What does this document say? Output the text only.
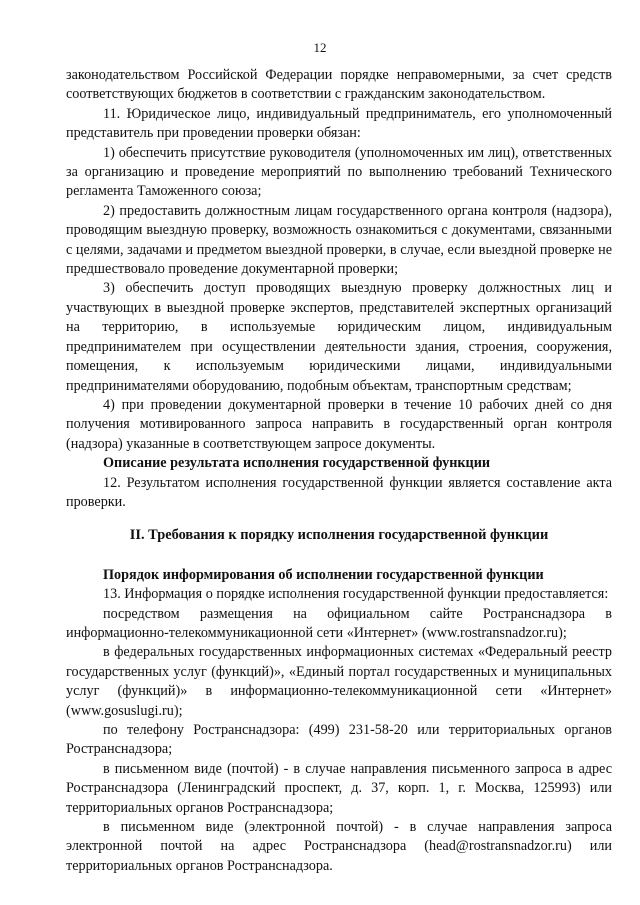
12

законодательством Российской Федерации порядке неправомерными, за счет средств соответствующих бюджетов в соответствии с гражданским законодательством.

11. Юридическое лицо, индивидуальный предприниматель, его уполномоченный представитель при проведении проверки обязан:

1) обеспечить присутствие руководителя (уполномоченных им лиц), ответственных за организацию и проведение мероприятий по выполнению требований Технического регламента Таможенного союза;

2) предоставить должностным лицам государственного органа контроля (надзора), проводящим выездную проверку, возможность ознакомиться с документами, связанными с целями, задачами и предметом выездной проверки, в случае, если выездной проверке не предшествовало проведение документарной проверки;

3) обеспечить доступ проводящих выездную проверку должностных лиц и участвующих в выездной проверке экспертов, представителей экспертных организаций на территорию, в используемые юридическим лицом, индивидуальным предпринимателем при осуществлении деятельности здания, строения, сооружения, помещения, к используемым юридическими лицами, индивидуальными предпринимателями оборудованию, подобным объектам, транспортным средствам;

4) при проведении документарной проверки в течение 10 рабочих дней со дня получения мотивированного запроса направить в государственный орган контроля (надзора) указанные в соответствующем запросе документы.

Описание результата исполнения государственной функции

12. Результатом исполнения государственной функции является составление акта проверки.

II. Требования к порядку исполнения государственной функции

Порядок информирования об исполнении государственной функции

13. Информация о порядке исполнения государственной функции предоставляется:

посредством размещения на официальном сайте Ространснадзора в информационно-телекоммуникационной сети «Интернет» (www.rostransnadzor.ru);

в федеральных государственных информационных системах «Федеральный реестр государственных услуг (функций)», «Единый портал государственных и муниципальных услуг (функций)» в информационно-телекоммуникационной сети «Интернет» (www.gosuslugi.ru);

по телефону Ространснадзора: (499) 231-58-20 или территориальных органов Ространснадзора;

в письменном виде (почтой) - в случае направления письменного запроса в адрес Ространснадзора (Ленинградский проспект, д. 37, корп. 1, г. Москва, 125993) или территориальных органов Ространснадзора;

в письменном виде (электронной почтой) - в случае направления запроса электронной почтой на адрес Ространснадзора (head@rostransnadzor.ru) или территориальных органов Ространснадзора.
